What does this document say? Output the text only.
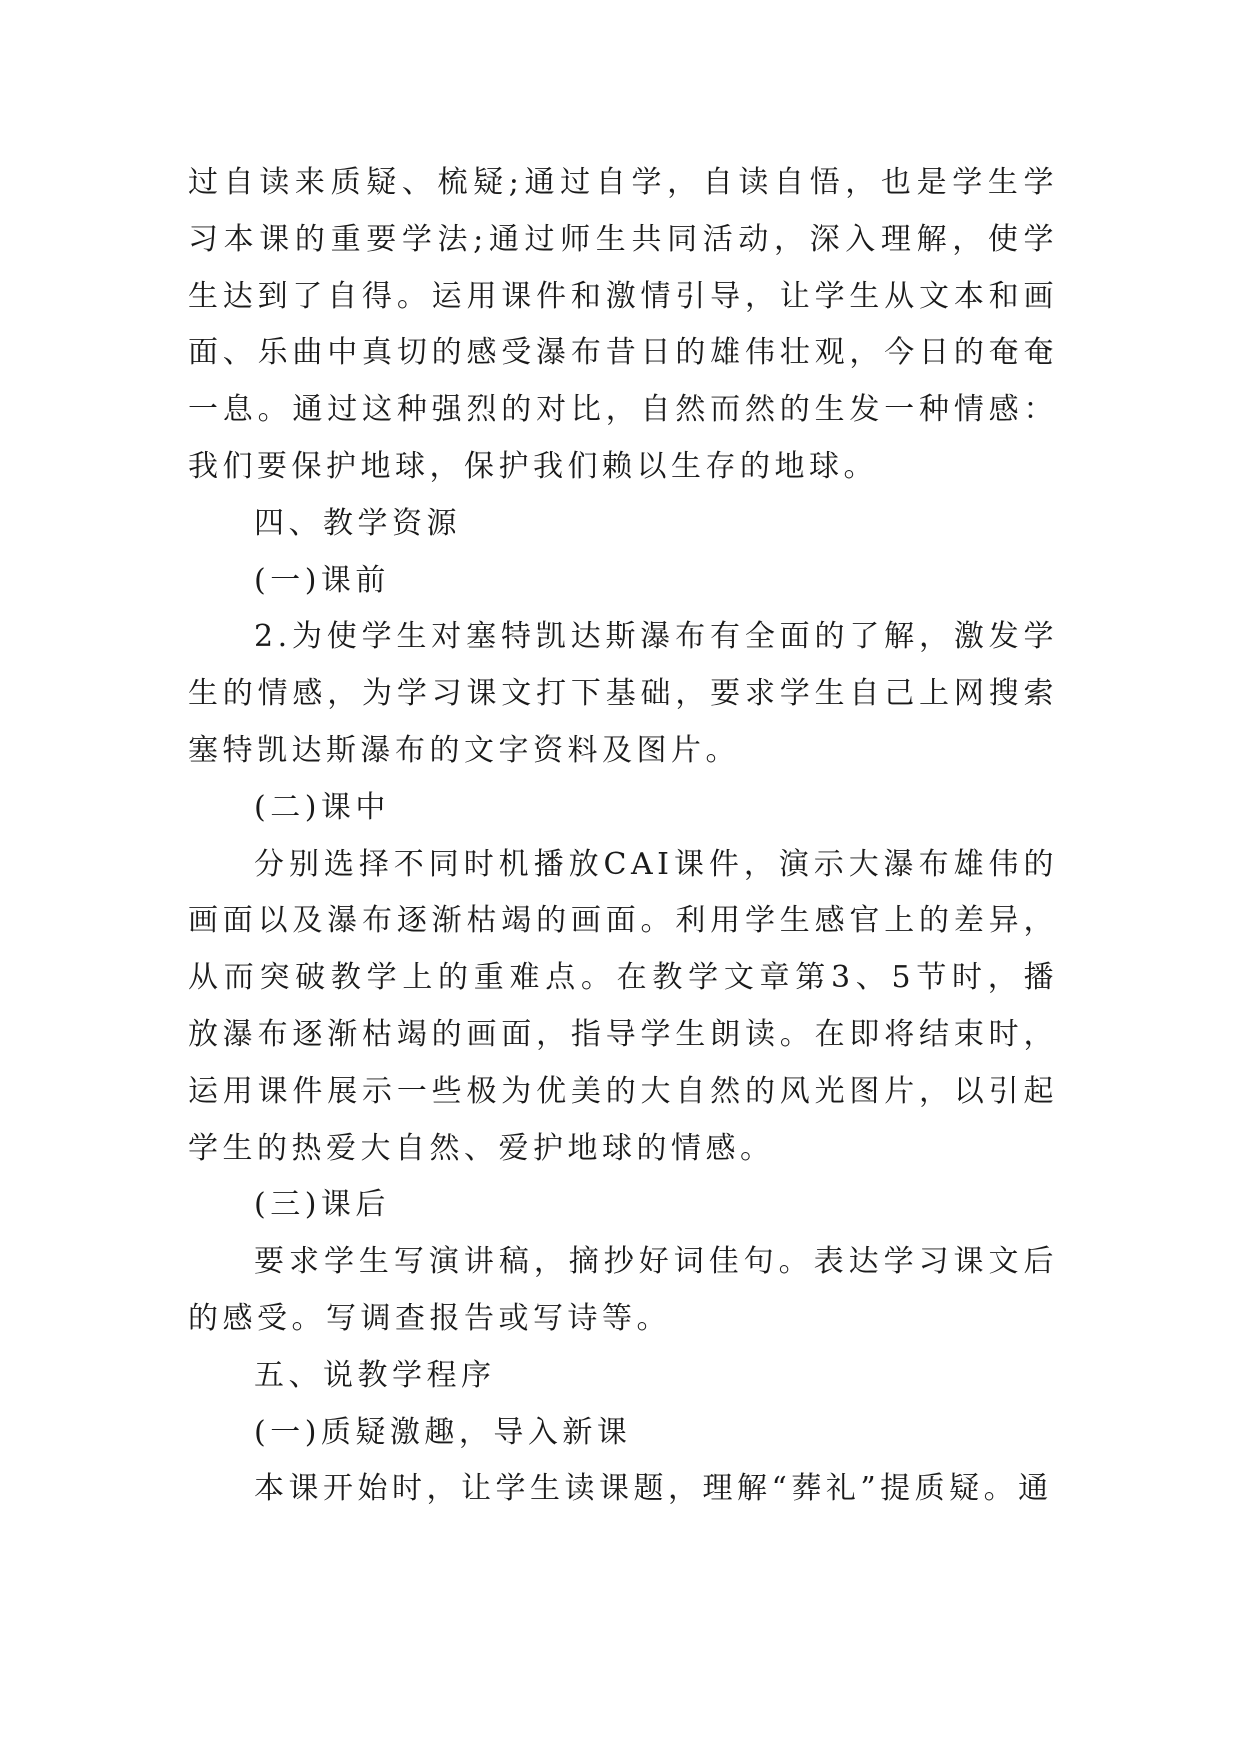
过自读来质疑、梳疑;通过自学，自读自悟，也是学生学习本课的重要学法;通过师生共同活动，深入理解，使学生达到了自得。运用课件和激情引导，让学生从文本和画面、乐曲中真切的感受瀑布昔日的雄伟壮观，今日的奄奄一息。通过这种强烈的对比，自然而然的生发一种情感：我们要保护地球，保护我们赖以生存的地球。

四、教学资源

(一)课前

2.为使学生对塞特凯达斯瀑布有全面的了解，激发学生的情感，为学习课文打下基础，要求学生自己上网搜索塞特凯达斯瀑布的文字资料及图片。

(二)课中

分别选择不同时机播放CAI课件，演示大瀑布雄伟的画面以及瀑布逐渐枯竭的画面。利用学生感官上的差异，从而突破教学上的重难点。在教学文章第3、5节时，播放瀑布逐渐枯竭的画面，指导学生朗读。在即将结束时，运用课件展示一些极为优美的大自然的风光图片，以引起学生的热爱大自然、爱护地球的情感。

(三)课后

要求学生写演讲稿，摘抄好词佳句。表达学习课文后的感受。写调查报告或写诗等。

五、说教学程序

(一)质疑激趣，导入新课

本课开始时，让学生读课题，理解“葬礼”提质疑。通
